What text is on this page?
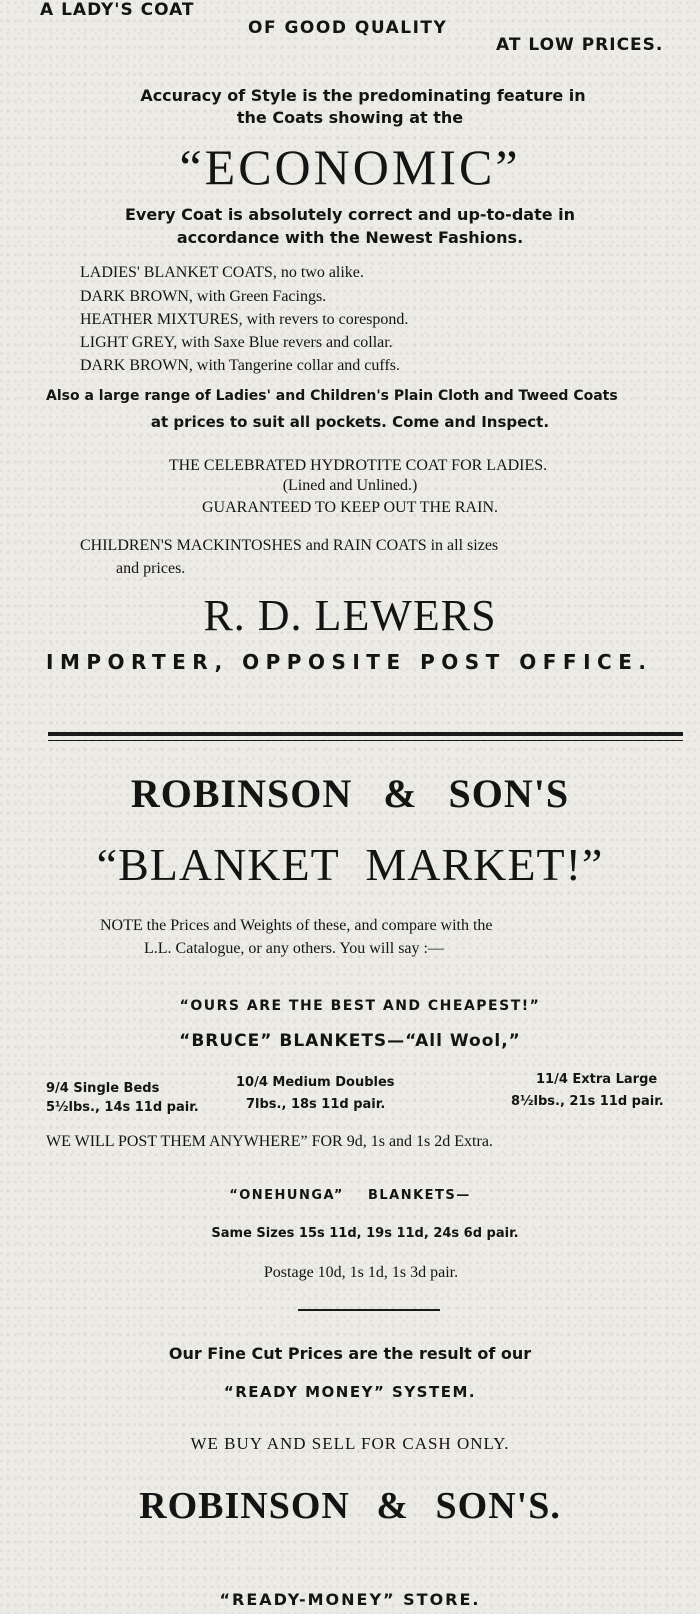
A LADY'S COAT
OF GOOD QUALITY
AT LOW PRICES.
Accuracy of Style is the predominating feature in
the Coats showing at the
“ECONOMIC”
Every Coat is absolutely correct and up-to-date in
accordance with the Newest Fashions.
LADIES' BLANKET COATS, no two alike.
DARK BROWN, with Green Facings.
HEATHER MIXTURES, with revers to corespond.
LIGHT GREY, with Saxe Blue revers and collar.
DARK BROWN, with Tangerine collar and cuffs.
Also a large range of Ladies' and Children's Plain Cloth and Tweed Coats
at prices to suit all pockets. Come and Inspect.
THE CELEBRATED HYDROTITE COAT FOR LADIES.
(Lined and Unlined.)
GUARANTEED TO KEEP OUT THE RAIN.
CHILDREN'S MACKINTOSHES and RAIN COATS in all sizes
and prices.
R. D. LEWERS
IMPORTER, OPPOSITE POST OFFICE.
ROBINSON & SON'S
“BLANKET MARKET!”
NOTE the Prices and Weights of these, and compare with the
L.L. Catalogue, or any others. You will say :—
“OURS ARE THE BEST AND CHEAPEST!”
“BRUCE” BLANKETS—“All Wool,”
9/4 Single Beds
5½lbs., 14s 11d pair.
10/4 Medium Doubles
7lbs., 18s 11d pair.
11/4 Extra Large
8½lbs., 21s 11d pair.
WE WILL POST THEM ANYWHERE” FOR 9d, 1s and 1s 2d Extra.
“ONEHUNGA” BLANKETS—
Same Sizes 15s 11d, 19s 11d, 24s 6d pair.
Postage 10d, 1s 1d, 1s 3d pair.
Our Fine Cut Prices are the result of our
“READY MONEY” SYSTEM.
WE BUY AND SELL FOR CASH ONLY.
ROBINSON & SON'S.
“READY-MONEY” STORE.
